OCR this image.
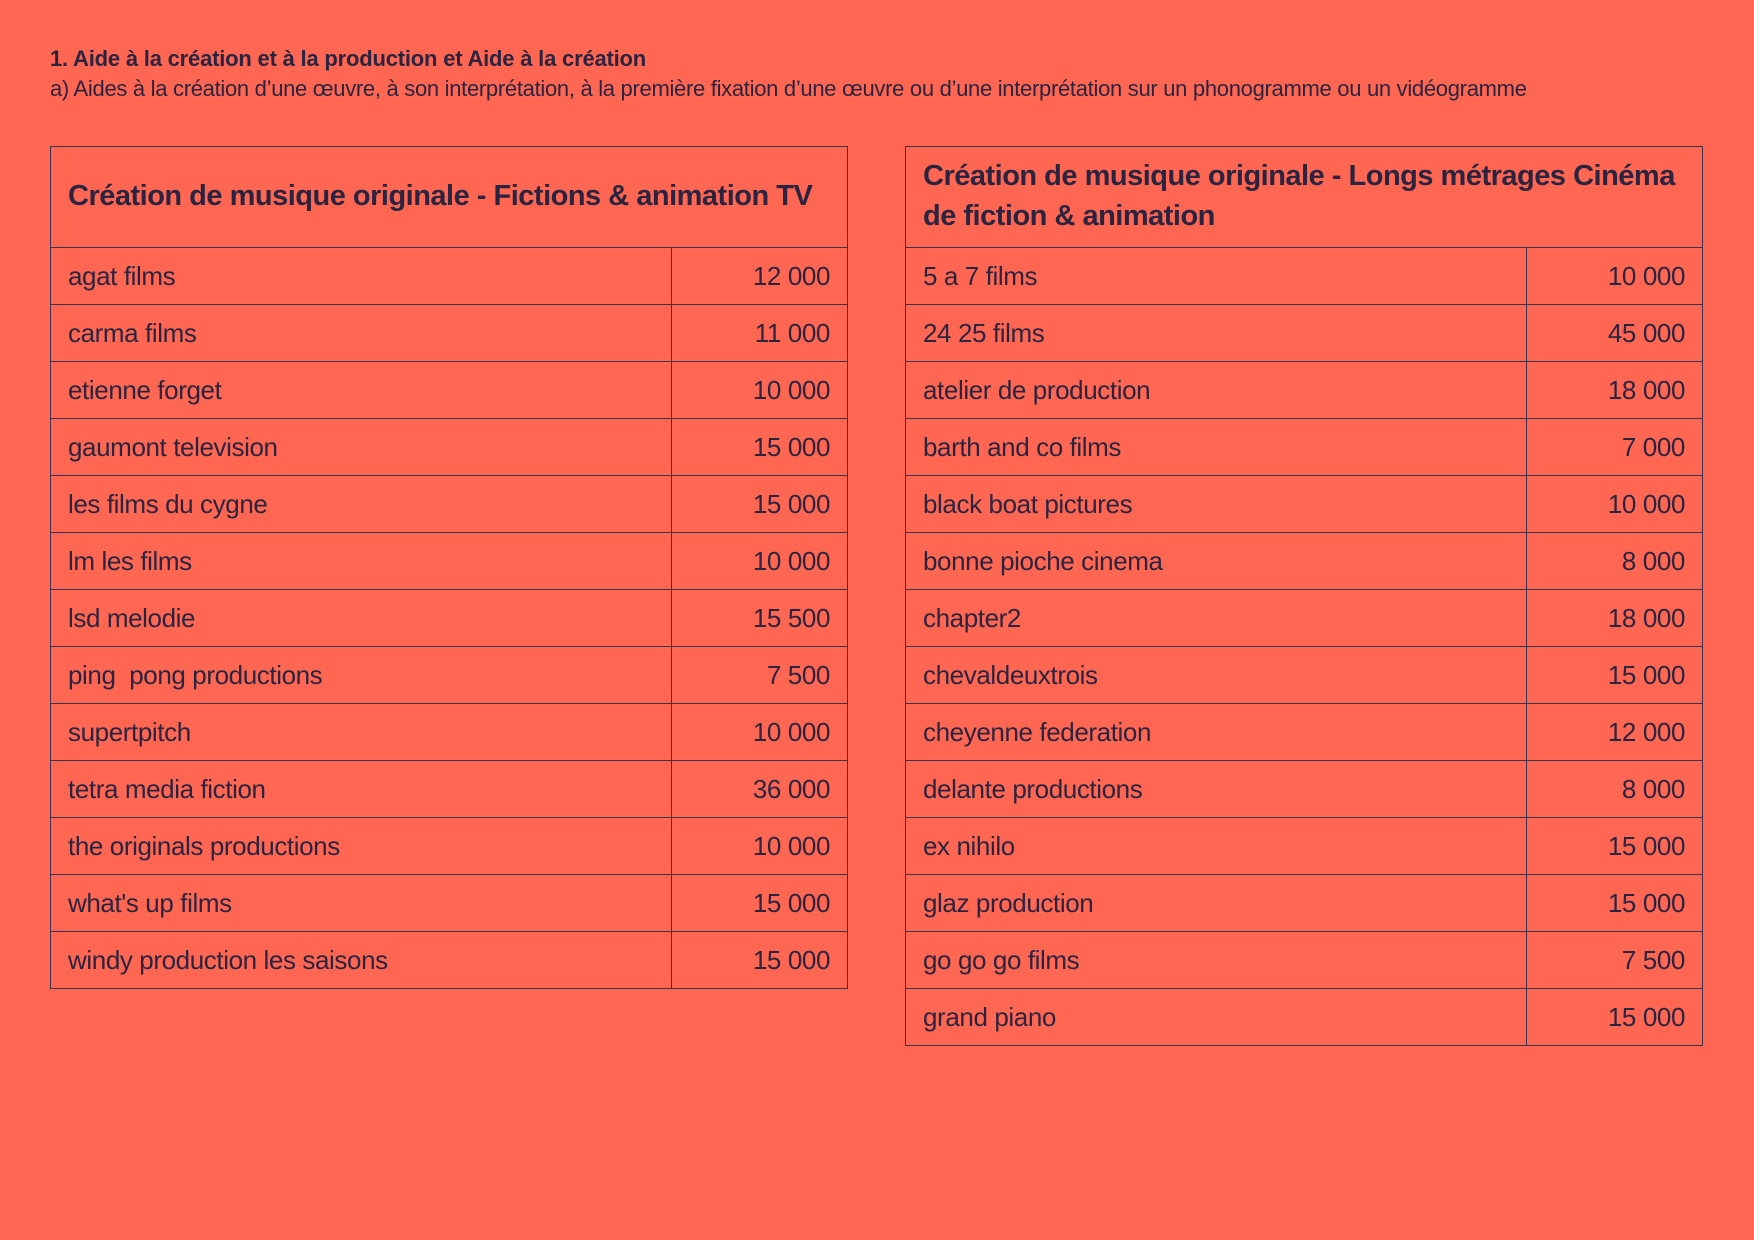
1. Aide à la création et à la production et Aide à la création
a) Aides à la création d’une œuvre, à son interprétation, à la première fixation d’une œuvre ou d’une interprétation sur un phonogramme ou un vidéogramme
Création de musique originale - Fictions & animation TV	
agat films	12 000
carma films	11 000
etienne forget	10 000
gaumont television	15 000
les films du cygne	15 000
lm les films	10 000
lsd melodie	15 500
ping  pong productions	7 500
supertpitch	10 000
tetra media fiction	36 000
the originals productions	10 000
what's up films	15 000
windy production les saisons	15 000
Création de musique originale - Longs métrages Cinéma de fiction & animation	
5 a 7 films	10 000
24 25 films	45 000
atelier de production	18 000
barth and co films	7 000
black boat pictures	10 000
bonne pioche cinema	8 000
chapter2	18 000
chevaldeuxtrois	15 000
cheyenne federation	12 000
delante productions	8 000
ex nihilo	15 000
glaz production	15 000
go go go films	7 500
grand piano	15 000
